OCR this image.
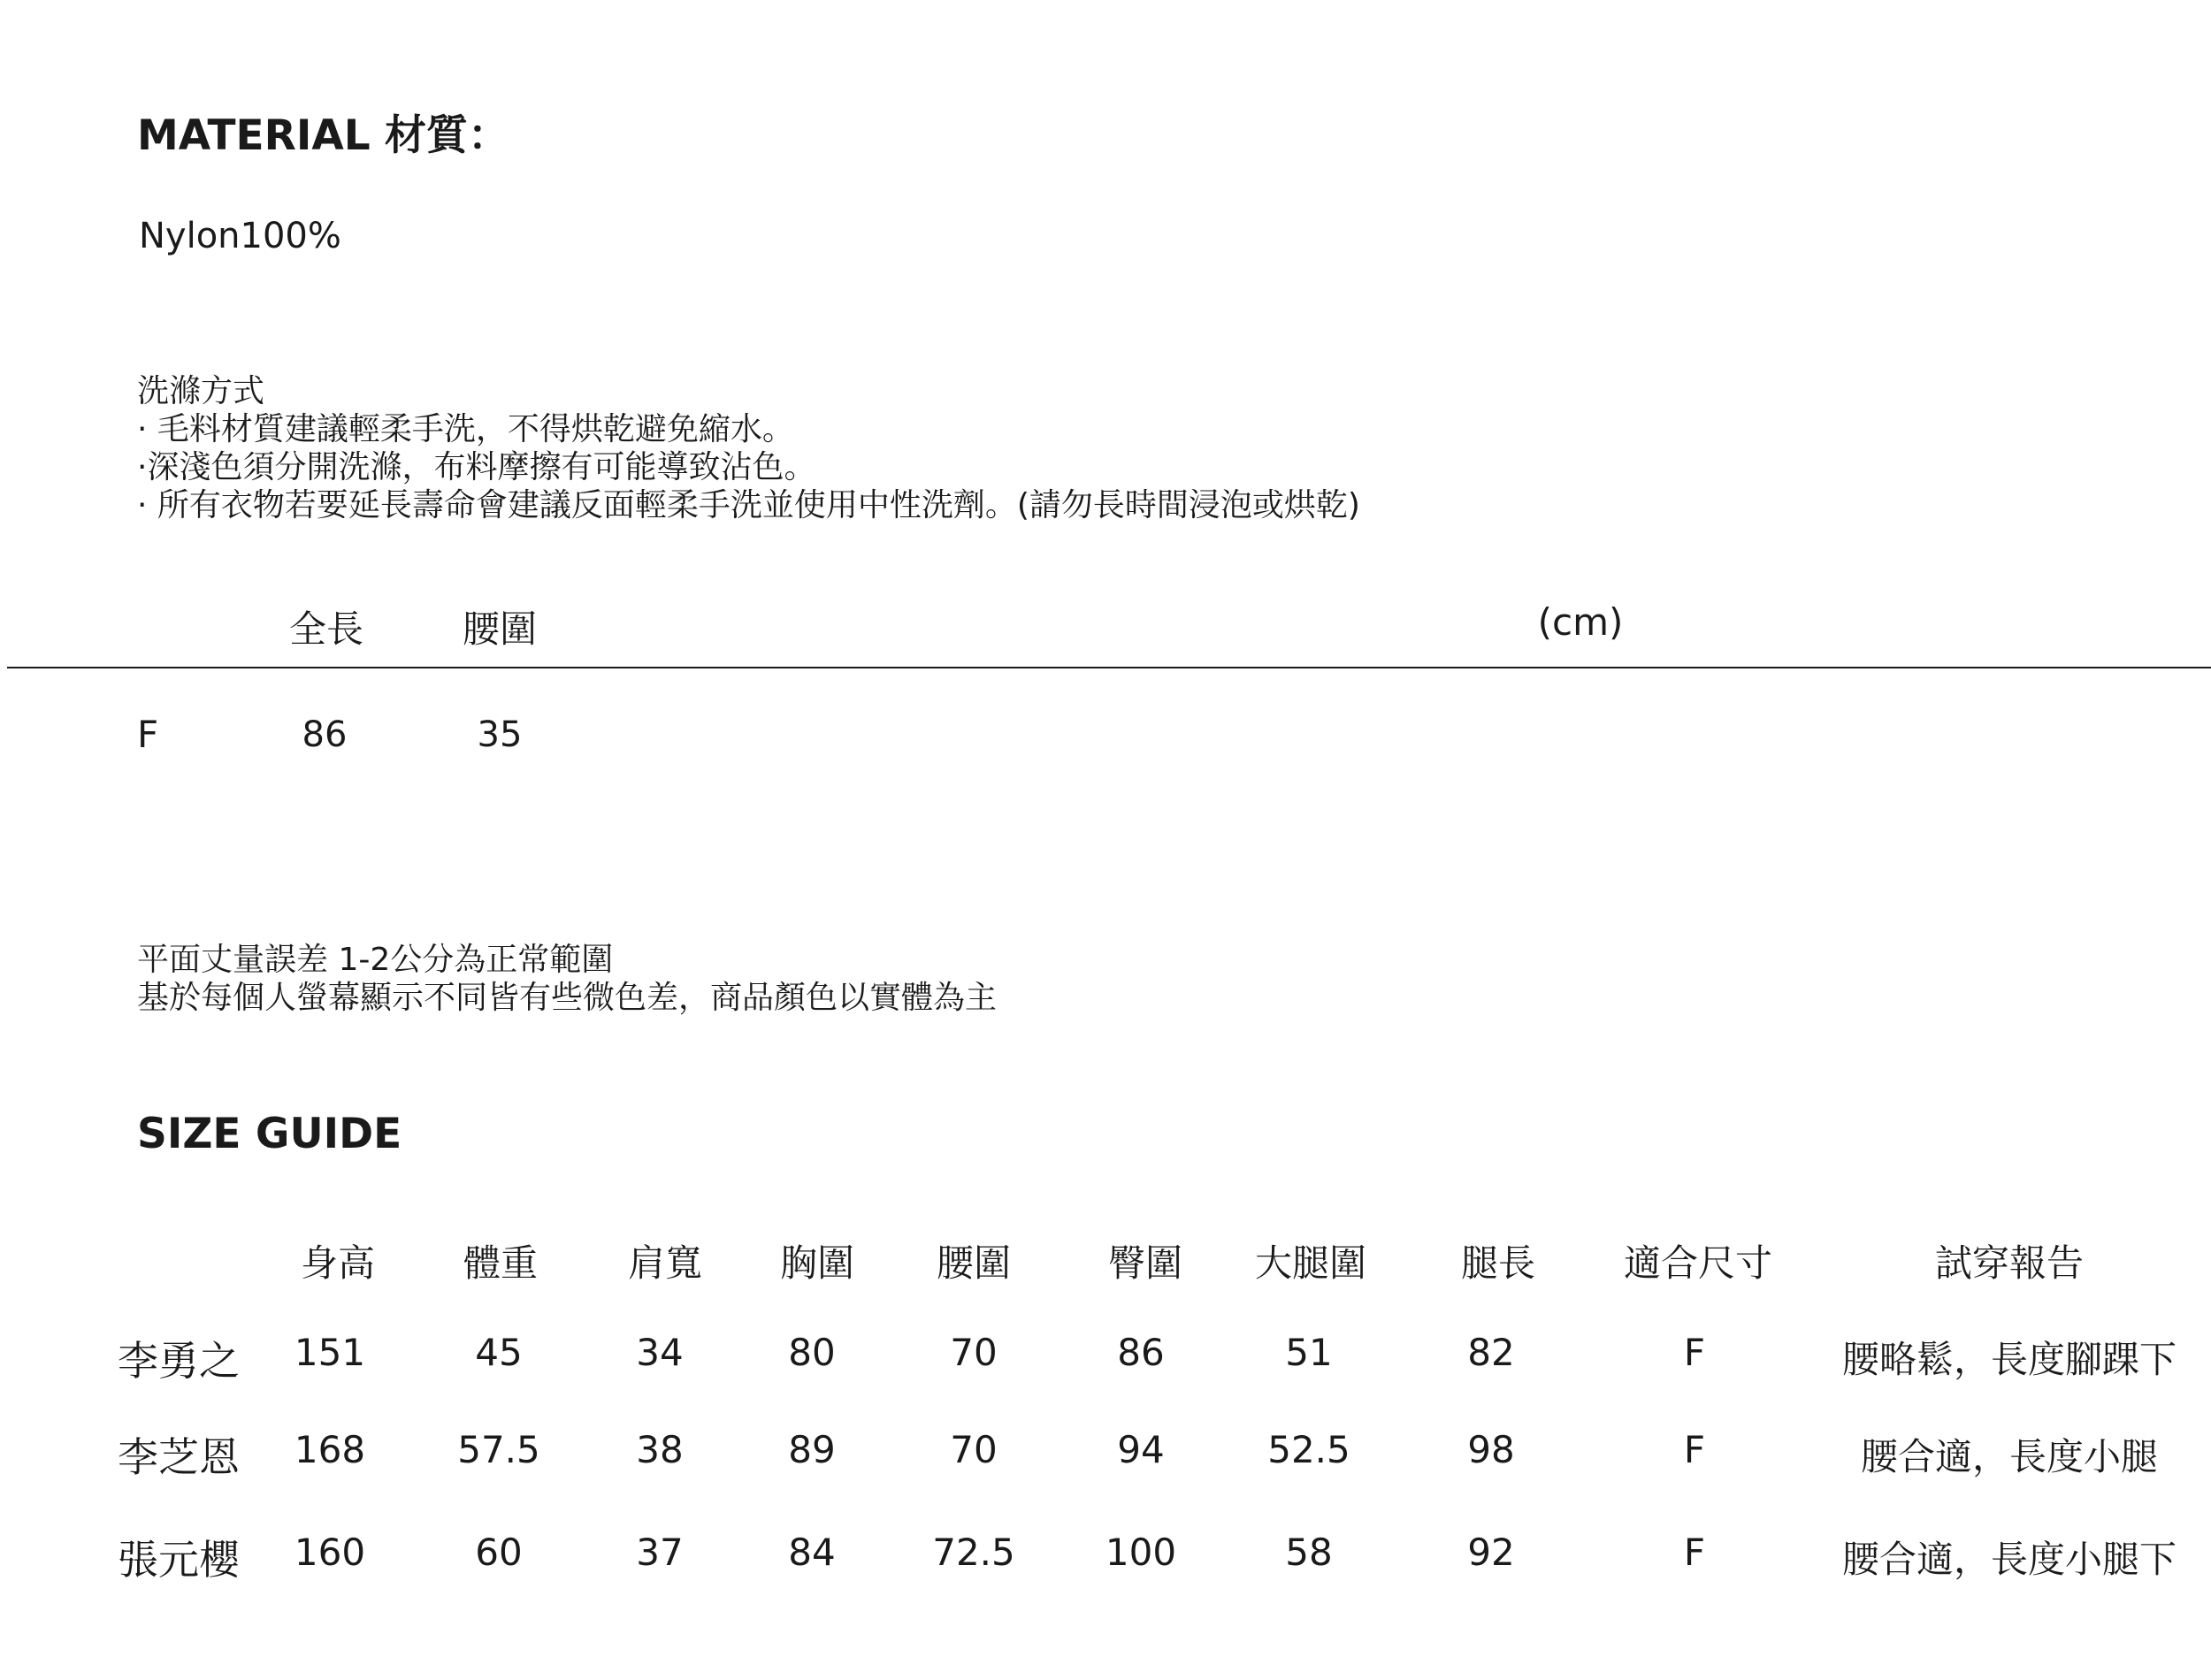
MATERIAL 材質：
Nylon100%
洗滌方式
· 毛料材質建議輕柔手洗，不得烘乾避免縮水。
·深淺色須分開洗滌，布料摩擦有可能導致沾色。
· 所有衣物若要延長壽命會建議反面輕柔手洗並使用中性洗劑。(請勿長時間浸泡或烘乾)
全長	腰圍	(cm)
F	86	35
平面丈量誤差 1-2公分為正常範圍
基於每個人螢幕顯示不同皆有些微色差，商品顏色以實體為主
SIZE GUIDE
身高 體重 肩寬 胸圍 腰圍	臀圍 大腿圍	腿長 適合尺寸	試穿報告
李勇之 151	45	34	80	70	86	51	82	F	腰略鬆，長度腳踝下
李芝恩 168 57.5	38	89	70	94	52.5	98	F	腰合適，長度小腿
張元櫻 160	60	37	84	72.5 100	58	92	F	腰合適，長度小腿下
